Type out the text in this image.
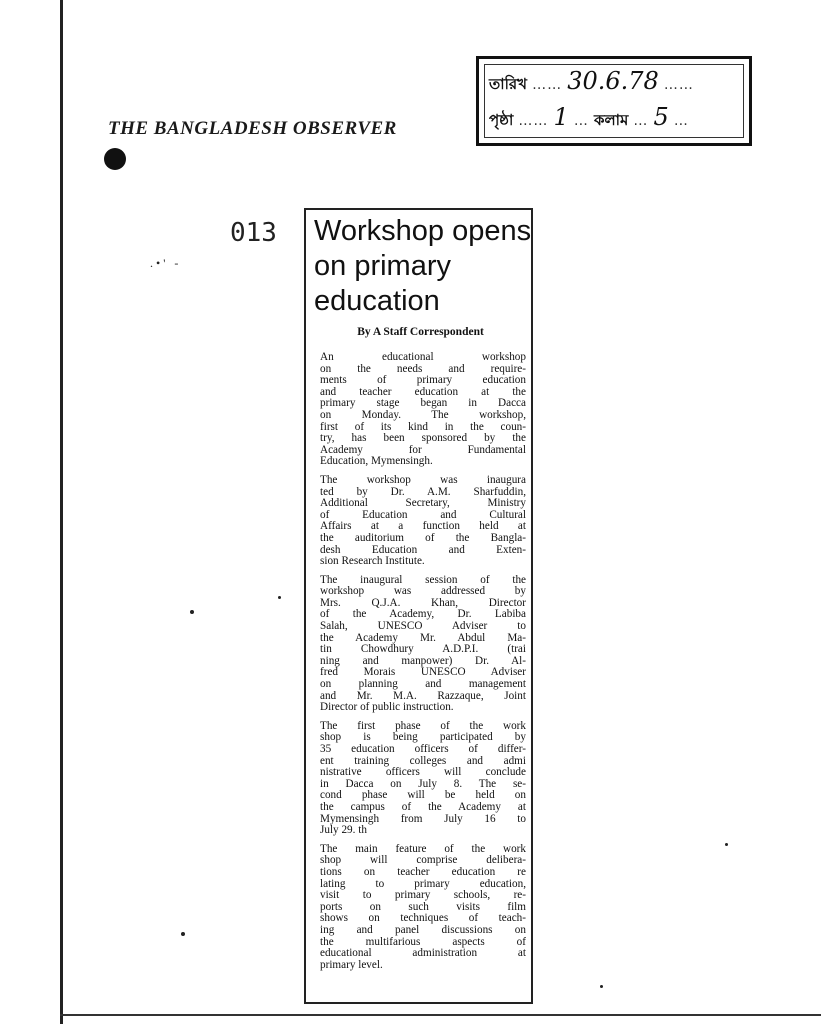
THE BANGLADESH OBSERVER
তারিখ …… 30.6.78 ……
পৃষ্ঠা …… 1 … কলাম … 5 …
013
.•' -
Workshop opens
on primary
education
By A Staff Correspondent
An educational workshop
on the needs and require-
ments of primary education
and teacher education at the
primary stage began in Dacca
on Monday. The workshop,
first of its kind in the coun-
try, has been sponsored by the
Academy for Fundamental
Education, Mymensingh.
The workshop was inaugura
ted by Dr. A.M. Sharfuddin,
Additional Secretary, Ministry
of Education and Cultural
Affairs at a function held at
the auditorium of the Bangla-
desh Education and Exten-
sion Research Institute.
The inaugural session of the
workshop was addressed by
Mrs. Q.J.A. Khan, Director
of the Academy, Dr. Labiba
Salah, UNESCO Adviser to
the Academy Mr. Abdul Ma-
tin Chowdhury A.D.P.I. (trai
ning and manpower) Dr. Al-
fred Morais UNESCO Adviser
on planning and management
and Mr. M.A. Razzaque, Joint
Director of public instruction.
The first phase of the work
shop is being participated by
35 education officers of differ-
ent training colleges and admi
nistrative officers will conclude
in Dacca on July 8. The se-
cond phase will be held on
the campus of the Academy at
Mymensingh from July 16 to
July 29. th
The main feature of the work
shop will comprise delibera-
tions on teacher education re
lating to primary education,
visit to primary schools, re-
ports on such visits film
shows on techniques of teach-
ing and panel discussions on
the multifarious aspects of
educational administration at
primary level.
